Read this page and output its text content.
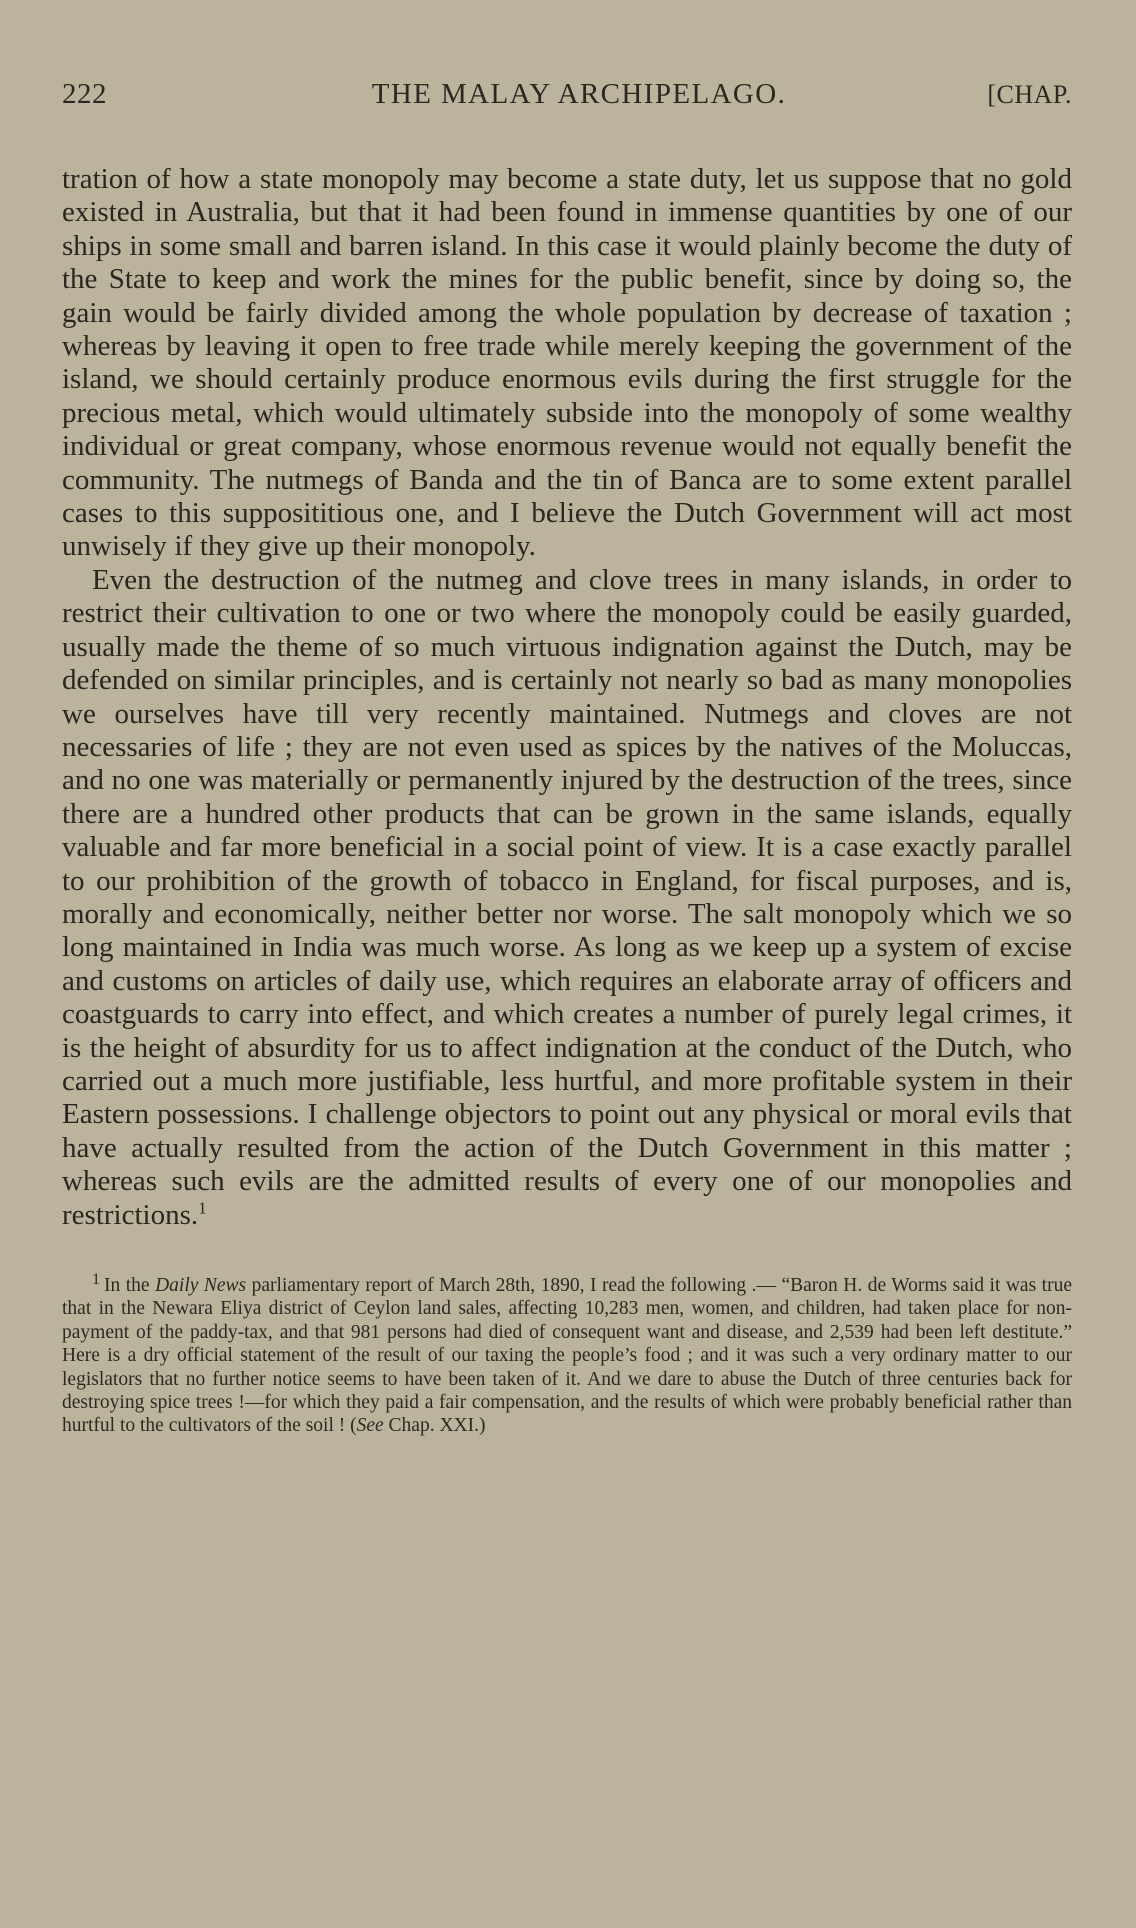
222	THE MALAY ARCHIPELAGO.	[CHAP.

tration of how a state monopoly may become a state duty, let us suppose that no gold existed in Australia, but that it had been found in immense quantities by one of our ships in some small and barren island. In this case it would plainly become the duty of the State to keep and work the mines for the public benefit, since by doing so, the gain would be fairly divided among the whole population by decrease of taxation ; whereas by leaving it open to free trade while merely keeping the government of the island, we should certainly produce enormous evils during the first struggle for the precious metal, which would ultimately subside into the monopoly of some wealthy individual or great company, whose enormous revenue would not equally benefit the community. The nutmegs of Banda and the tin of Banca are to some extent parallel cases to this supposititious one, and I believe the Dutch Government will act most unwisely if they give up their monopoly.

Even the destruction of the nutmeg and clove trees in many islands, in order to restrict their cultivation to one or two where the monopoly could be easily guarded, usually made the theme of so much virtuous indignation against the Dutch, may be defended on similar principles, and is certainly not nearly so bad as many monopolies we ourselves have till very recently maintained. Nutmegs and cloves are not necessaries of life ; they are not even used as spices by the natives of the Moluccas, and no one was materially or permanently injured by the destruction of the trees, since there are a hundred other products that can be grown in the same islands, equally valuable and far more beneficial in a social point of view. It is a case exactly parallel to our prohibition of the growth of tobacco in England, for fiscal purposes, and is, morally and economically, neither better nor worse. The salt monopoly which we so long maintained in India was much worse. As long as we keep up a system of excise and customs on articles of daily use, which requires an elaborate array of officers and coastguards to carry into effect, and which creates a number of purely legal crimes, it is the height of absurdity for us to affect indignation at the conduct of the Dutch, who carried out a much more justifiable, less hurtful, and more profitable system in their Eastern possessions. I challenge objectors to point out any physical or moral evils that have actually resulted from the action of the Dutch Government in this matter ; whereas such evils are the admitted results of every one of our monopolies and restrictions.$^1$

$^1$ In the Daily News parliamentary report of March 28th, 1890, I read the following .— “Baron H. de Worms said it was true that in the Newara Eliya district of Ceylon land sales, affecting 10,283 men, women, and children, had taken place for non-payment of the paddy-tax, and that 981 persons had died of consequent want and disease, and 2,539 had been left destitute.” Here is a dry official statement of the result of our taxing the people’s food ; and it was such a very ordinary matter to our legislators that no further notice seems to have been taken of it. And we dare to abuse the Dutch of three centuries back for destroying spice trees !—for which they paid a fair compensation, and the results of which were probably beneficial rather than hurtful to the cultivators of the soil ! (See Chap. XXI.)
